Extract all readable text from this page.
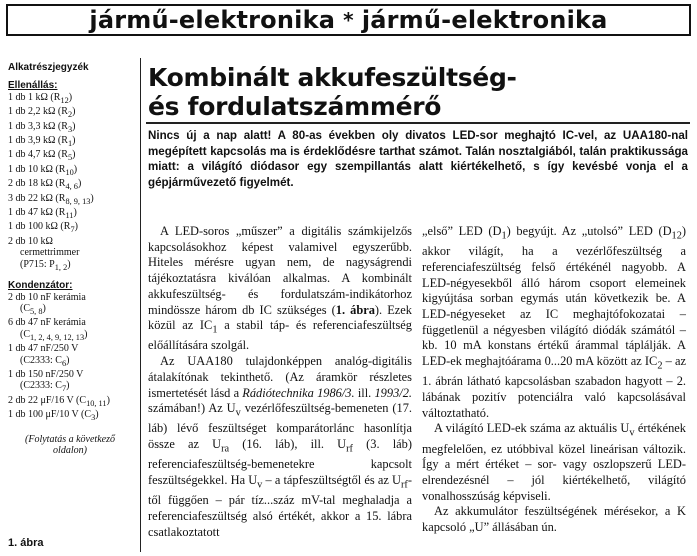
jármű-elektronika * jármű-elektronika
Alkatrészjegyzék
Ellenállás:
1 db 1 kΩ $(R_{12})$
1 db 2,2 kΩ $(R_2)$
1 db 3,3 kΩ $(R_3)$
1 db 3,9 kΩ $(R_1)$
1 db 4,7 kΩ $(R_5)$
1 db 10 kΩ $(R_{10})$
2 db 18 kΩ $(R_{4, 6})$
3 db 22 kΩ $(R_{8, 9, 13})$
1 db 47 kΩ $(R_{11})$
1 db 100 kΩ $(R_7)$
2 db 10 kΩ
cermettrimmer
(P715: $P_{1, 2}$)
Kondenzátor:
2 db 10 nF kerámia
$(C_{5, 8})$
6 db 47 nF kerámia
$(C_{1, 2, 4, 9, 12, 13})$
1 db 47 nF/250 V
(C2333: $C_6$)
1 db 150 nF/250 V
(C2333: $C_7$)
2 db 22 μF/16 V $(C_{10, 11})$
1 db 100 μF/10 V $(C_3)$
(Folytatás a következő oldalon)
1. ábra
Kombinált akkufeszültség-
és fordulatszámmérő
Nincs új a nap alatt! A 80-as években oly divatos LED-sor meghajtó IC-vel, az UAA180-nal megépített kapcsolás ma is érdeklődésre tarthat számot. Talán nosztalgiából, talán praktikussága miatt: a világító diódasor egy szempillantás alatt kiértékelhető, s így kevésbé vonja el a gépjárművezető figyelmét.

A LED-soros „műszer” a digitális számkijelzős kapcsolásokhoz képest valamivel egyszerűbb. Hiteles mérésre ugyan nem, de nagyságrendi tájékoztatásra kiválóan alkalmas. A kombinált akkufeszültség- és fordulatszám-indikátorhoz mindössze három db IC szükséges (1. ábra). Ezek közül az $IC_1$ a stabil táp- és referenciafeszültség előállítására szolgál.

Az UAA180 tulajdonképpen analóg-digitális átalakítónak tekinthető. (Az áramkör részletes ismertetését lásd a Rádiótechnika 1986/3. ill. 1993/2. számában!) Az $U_v$ vezérlőfeszültség-bemeneten (17. láb) lévő feszültséget komparátorlánc hasonlítja össze az $U_{ra}$ (16. láb), ill. $U_{rf}$ (3. láb) referenciafeszültség-bemenetekre kapcsolt feszültségekkel. Ha $U_v$ – a tápfeszültségtől és az $U_{rf}$-től függően – pár tíz...száz mV-tal meghaladja a referenciafeszültség alsó értékét, akkor a 15. lábra csatlakoztatott

„első” LED $(D_1)$ begyújt. Az „utolsó” LED $(D_{12})$ akkor világít, ha a vezérlőfeszültség a referenciafeszültség felső értékénél nagyobb. A LED-négyesekből álló három csoport elemeinek kigyújtása sorban egymás után következik be. A LED-négyeseket az IC meghajtófokozatai – függetlenül a négyesben világító diódák számától – kb. 10 mA konstans értékű árammal táplálják. A LED-ek meghajtóárama 0...20 mA között az $IC_2$ – az 1. ábrán látható kapcsolásban szabadon hagyott – 2. lábának pozitív potenciálra való kapcsolásával változtatható.

A világító LED-ek száma az aktuális $U_v$ értékének megfelelően, ez utóbbival közel lineárisan változik. Így a mért értéket – sor- vagy oszlopszerű LED-elrendezésnél – jól kiértékelhető, világító vonalhosszúság képviseli.

Az akkumulátor feszültségének mérésekor, a K kapcsoló „U” állásában ún.
